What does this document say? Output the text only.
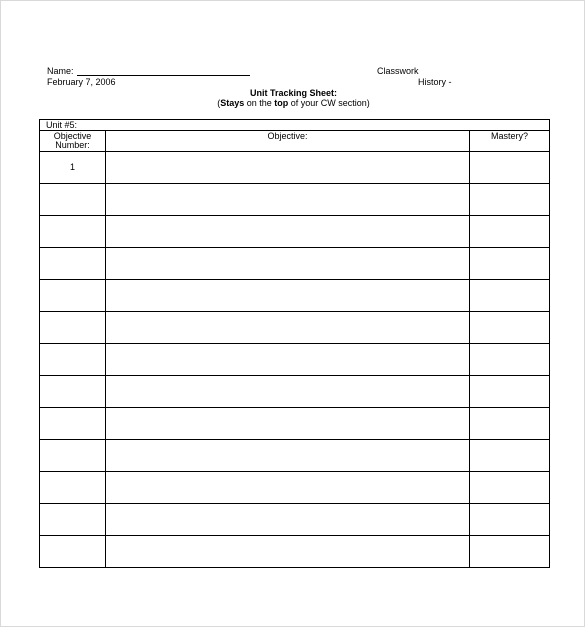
Name:
February 7, 2006
Classwork
History -
Unit Tracking Sheet:
(Stays on the top of your CW section)
Unit #5:		

Objective Number:	Objective:	Mastery?

1		
